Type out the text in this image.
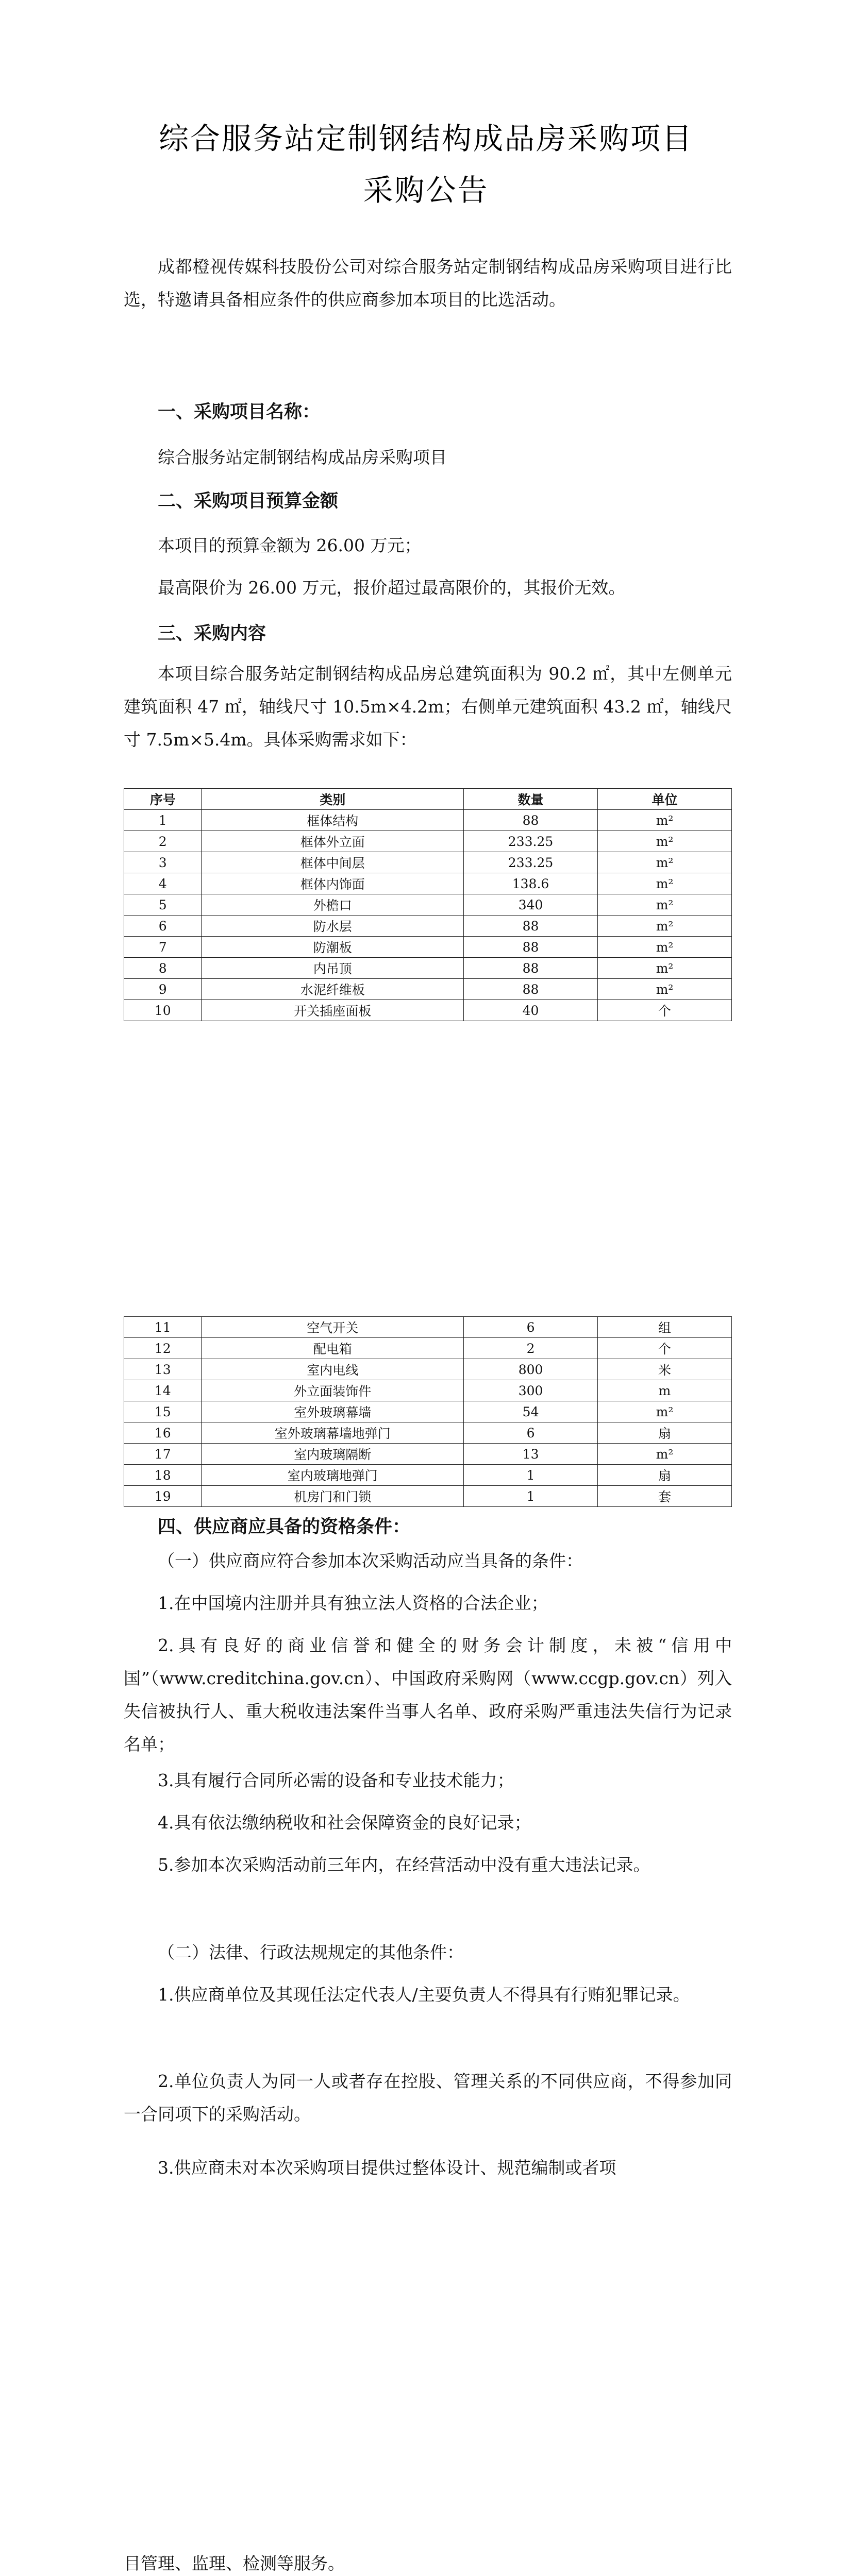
综合服务站定制钢结构成品房采购项目
采购公告
成都橙视传媒科技股份公司对综合服务站定制钢结构成品房采购项目进行比选，特邀请具备相应条件的供应商参加本项目的比选活动。
一、采购项目名称：
综合服务站定制钢结构成品房采购项目
二、采购项目预算金额
本项目的预算金额为 26.00 万元；
最高限价为 26.00 万元，报价超过最高限价的，其报价无效。
三、采购内容
本项目综合服务站定制钢结构成品房总建筑面积为 90.2 ㎡，其中左侧单元建筑面积 47 ㎡，轴线尺寸 10.5m×4.2m；右侧单元建筑面积 43.2 ㎡，轴线尺寸 7.5m×5.4m。具体采购需求如下：
序号	类别	数量	单位
1	框体结构	88	m²
2	框体外立面	233.25	m²
3	框体中间层	233.25	m²
4	框体内饰面	138.6	m²
5	外檐口	340	m²
6	防水层	88	m²
7	防潮板	88	m²
8	内吊顶	88	m²
9	水泥纤维板	88	m²
10	开关插座面板	40	个
11	空气开关	6	组
12	配电箱	2	个
13	室内电线	800	米
14	外立面装饰件	300	m
15	室外玻璃幕墙	54	m²
16	室外玻璃幕墙地弹门	6	扇
17	室内玻璃隔断	13	m²
18	室内玻璃地弹门	1	扇
19	机房门和门锁	1	套
四、供应商应具备的资格条件：
（一）供应商应符合参加本次采购活动应当具备的条件：
1.在中国境内注册并具有独立法人资格的合法企业；
2.具有良好的商业信誉和健全的财务会计制度，未被“信用中国”（www.creditchina.gov.cn）、中国政府采购网（www.ccgp.gov.cn）列入失信被执行人、重大税收违法案件当事人名单、政府采购严重违法失信行为记录名单；
3.具有履行合同所必需的设备和专业技术能力；
4.具有依法缴纳税收和社会保障资金的良好记录；
5.参加本次采购活动前三年内，在经营活动中没有重大违法记录。
（二）法律、行政法规规定的其他条件：
1.供应商单位及其现任法定代表人/主要负责人不得具有行贿犯罪记录。
2.单位负责人为同一人或者存在控股、管理关系的不同供应商，不得参加同一合同项下的采购活动。
3.供应商未对本次采购项目提供过整体设计、规范编制或者项
目管理、监理、检测等服务。
